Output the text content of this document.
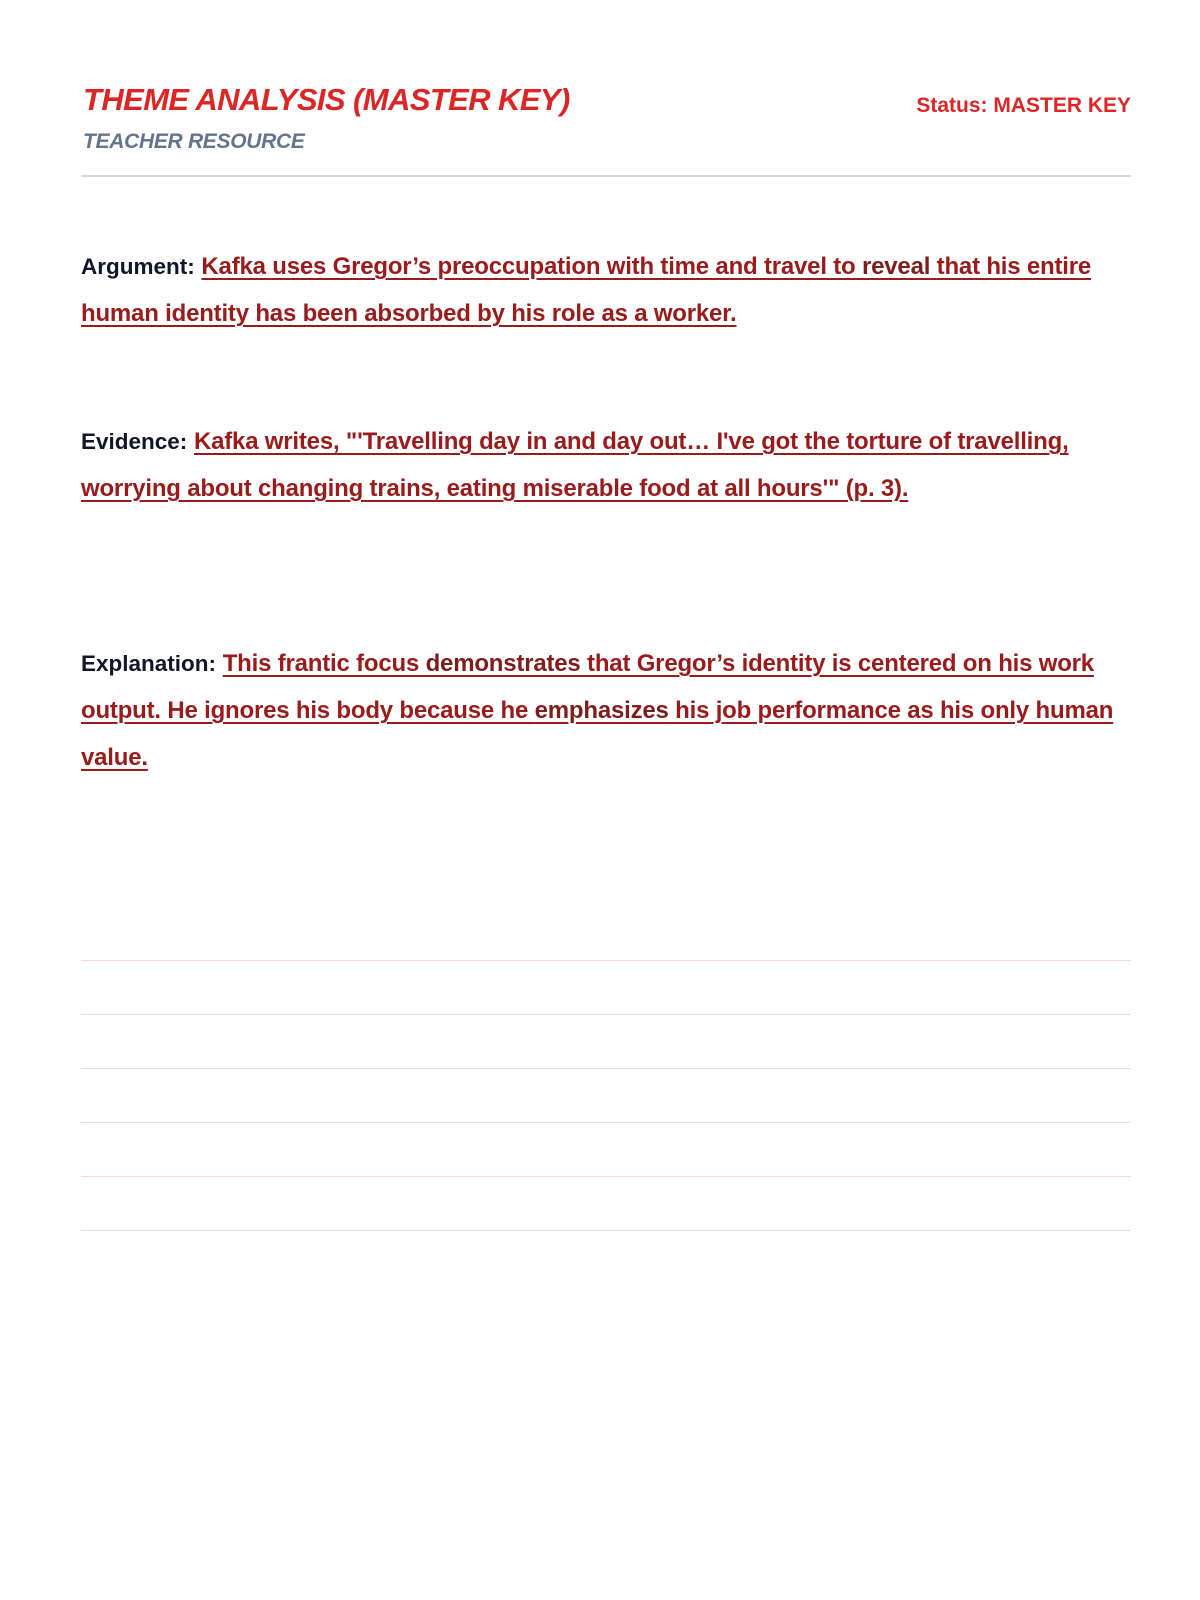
THEME ANALYSIS (MASTER KEY)
TEACHER RESOURCE
Status: MASTER KEY

Argument: Kafka uses Gregor’s preoccupation with time and travel to reveal that his entire human identity has been absorbed by his role as a worker.

Evidence: Kafka writes, "'Travelling day in and day out… I've got the torture of travelling, worrying about changing trains, eating miserable food at all hours'" (p. 3).

Explanation: This frantic focus demonstrates that Gregor’s identity is centered on his work output. He ignores his body because he emphasizes his job performance as his only human value.
